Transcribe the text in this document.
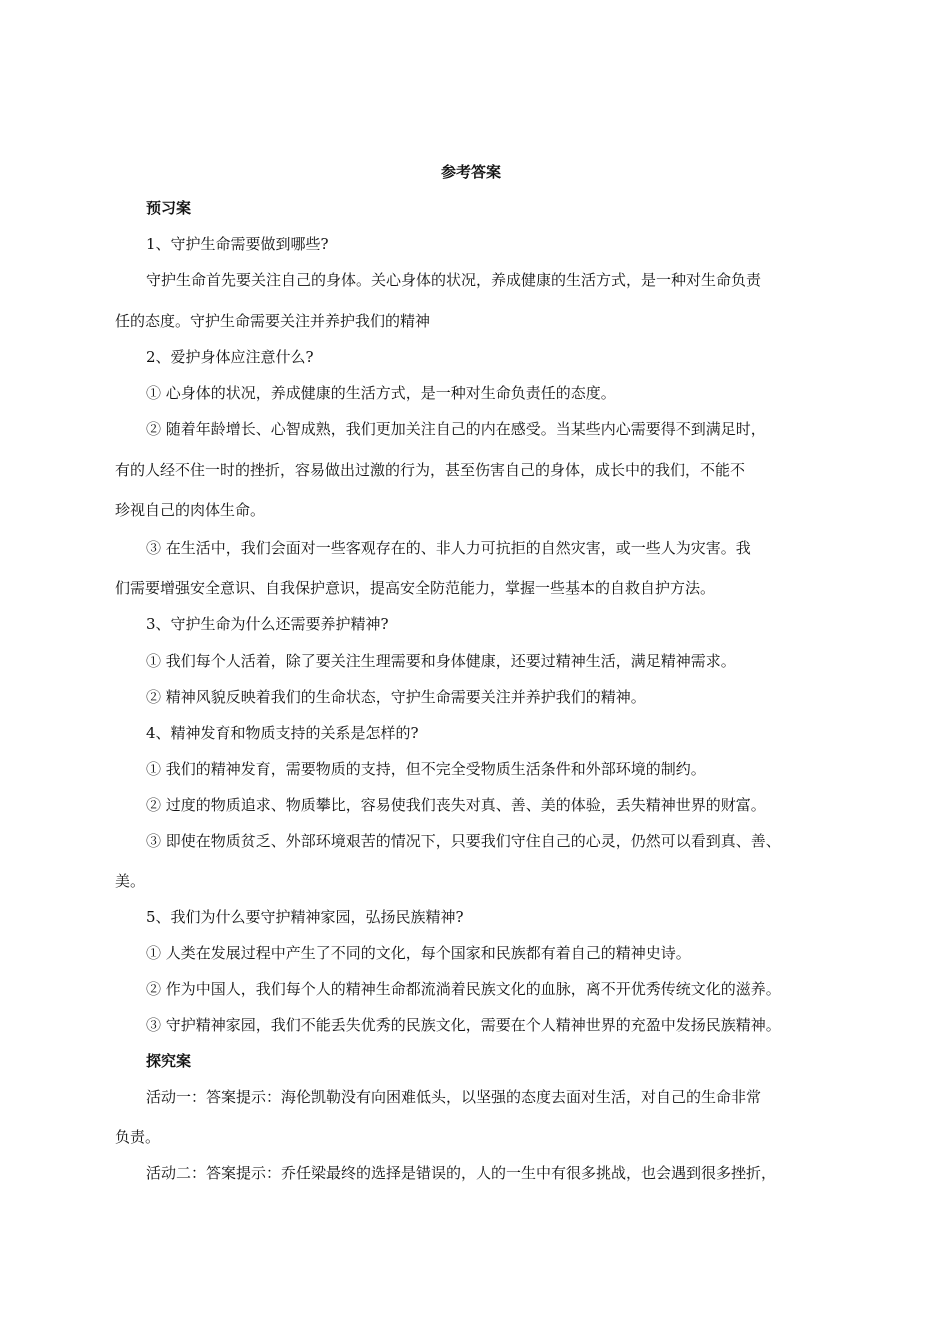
参考答案
预习案
1、守护生命需要做到哪些?
守护生命首先要关注自己的身体。关心身体的状况，养成健康的生活方式，是一种对生命负责
任的态度。守护生命需要关注并养护我们的精神
2、爱护身体应注意什么?
① 心身体的状况，养成健康的生活方式，是一种对生命负责任的态度。
② 随着年龄增长、心智成熟，我们更加关注自己的内在感受。当某些内心需要得不到满足时，
有的人经不住一时的挫折，容易做出过激的行为，甚至伤害自己的身体，成长中的我们，不能不
珍视自己的肉体生命。
③ 在生活中，我们会面对一些客观存在的、非人力可抗拒的自然灾害，或一些人为灾害。我
们需要增强安全意识、自我保护意识，提高安全防范能力，掌握一些基本的自救自护方法。
3、守护生命为什么还需要养护精神?
① 我们每个人活着，除了要关注生理需要和身体健康，还要过精神生活，满足精神需求。
② 精神风貌反映着我们的生命状态，守护生命需要关注并养护我们的精神。
4、精神发育和物质支持的关系是怎样的?
① 我们的精神发育，需要物质的支持，但不完全受物质生活条件和外部环境的制约。
② 过度的物质追求、物质攀比，容易使我们丧失对真、善、美的体验，丢失精神世界的财富。
③ 即使在物质贫乏、外部环境艰苦的情况下，只要我们守住自己的心灵，仍然可以看到真、善、
美。
5、我们为什么要守护精神家园，弘扬民族精神?
① 人类在发展过程中产生了不同的文化，每个国家和民族都有着自己的精神史诗。
② 作为中国人，我们每个人的精神生命都流淌着民族文化的血脉，离不开优秀传统文化的滋养。
③ 守护精神家园，我们不能丢失优秀的民族文化，需要在个人精神世界的充盈中发扬民族精神。
探究案
活动一：答案提示：海伦凯勒没有向困难低头，以坚强的态度去面对生活，对自己的生命非常
负责。
活动二：答案提示：乔任梁最终的选择是错误的，人的一生中有很多挑战，也会遇到很多挫折，
